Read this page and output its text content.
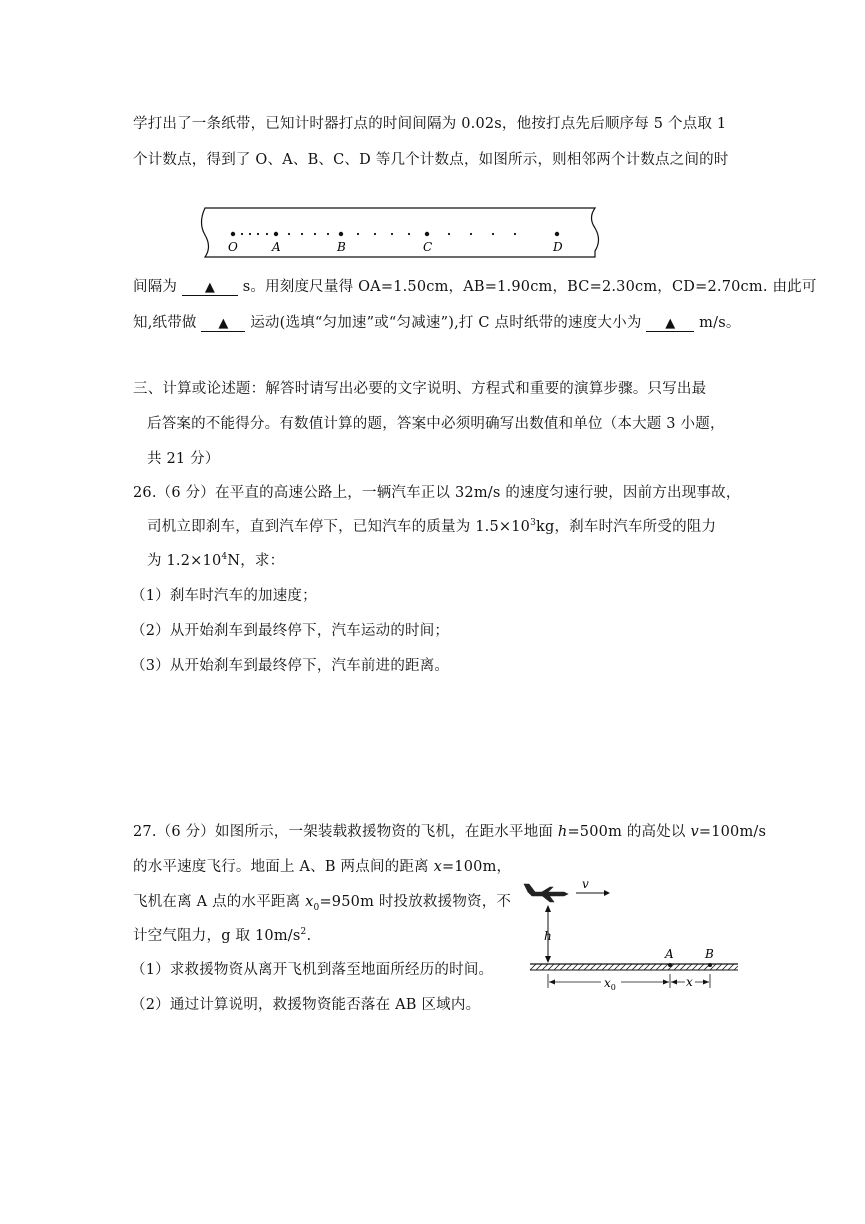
学打出了一条纸带，已知计时器打点的时间间隔为 0.02s，他按打点先后顺序每 5 个点取 1
个计数点，得到了 O、A、B、C、D 等几个计数点，如图所示，则相邻两个计数点之间的时
O	A	B	C	D
间隔为 ▲ s。用刻度尺量得 OA=1.50cm，AB=1.90cm，BC=2.30cm，CD=2.70cm. 由此可
知,纸带做 ▲ 运动(选填“匀加速”或“匀减速”),打 C 点时纸带的速度大小为 ▲ m/s。
三、计算或论述题：解答时请写出必要的文字说明、方程式和重要的演算步骤。只写出最
后答案的不能得分。有数值计算的题，答案中必须明确写出数值和单位（本大题 3 小题，
共 21 分）
26.（6 分）在平直的高速公路上，一辆汽车正以 32m/s 的速度匀速行驶，因前方出现事故，
司机立即刹车，直到汽车停下，已知汽车的质量为 $1.5\times 10^3kg$，刹车时汽车所受的阻力
为 $1.2\times 10^4N$，求：
（1）刹车时汽车的加速度；
（2）从开始刹车到最终停下，汽车运动的时间；
（3）从开始刹车到最终停下，汽车前进的距离。
27.（6 分）如图所示，一架装载救援物资的飞机，在距水平地面 h=500m 的高处以 v=100m/s
的水平速度飞行。地面上 A、B 两点间的距离 x=100m，
飞机在离 A 点的水平距离 $x_0=950m$ 时投放救援物资，不
计空气阻力，g 取 $10m/s^2$.
（1）求救援物资从离开飞机到落至地面所经历的时间。
（2）通过计算说明，救援物资能否落在 AB 区域内。
v
h
A	B
$x_0$	x
